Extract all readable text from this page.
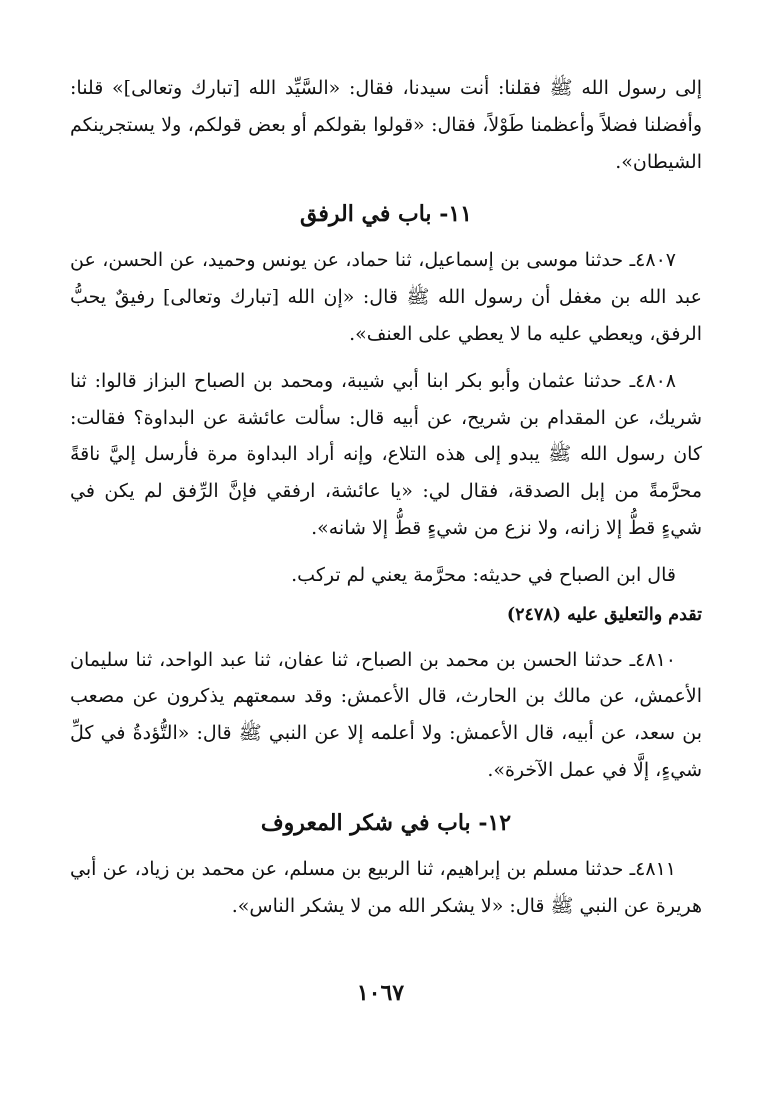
إلى رسول الله ﷺ فقلنا: أنت سيدنا، فقال: «السَّيِّد الله [تبارك وتعالى]» قلنا: وأفضلنا فضلاً وأعظمنا طَوْلاً، فقال: «قولوا بقولكم أو بعض قولكم، ولا يستجرينكم الشيطان».

١١- باب في الرفق

٤٨٠٧ـ حدثنا موسى بن إسماعيل، ثنا حماد، عن يونس وحميد، عن الحسن، عن عبد الله بن مغفل أن رسول الله ﷺ قال: «إن الله [تبارك وتعالى] رفيقٌ يحبُّ الرفق، ويعطي عليه ما لا يعطي على العنف».

٤٨٠٨ـ حدثنا عثمان وأبو بكر ابنا أبي شيبة، ومحمد بن الصباح البزاز قالوا: ثنا شريك، عن المقدام بن شريح، عن أبيه قال: سألت عائشة عن البداوة؟ فقالت: كان رسول الله ﷺ يبدو إلى هذه التلاع، وإنه أراد البداوة مرة فأرسل إليَّ ناقةً محرَّمةً من إبل الصدقة، فقال لي: «يا عائشة، ارفقي فإنَّ الرِّفق لم يكن في شيءٍ قطُّ إلا زانه، ولا نزع من شيءٍ قطُّ إلا شانه».

قال ابن الصباح في حديثه: محرَّمة يعني لم تركب.

تقدم والتعليق عليه (٢٤٧٨)

٤٨١٠ـ حدثنا الحسن بن محمد بن الصباح، ثنا عفان، ثنا عبد الواحد، ثنا سليمان الأعمش، عن مالك بن الحارث، قال الأعمش: وقد سمعتهم يذكرون عن مصعب بن سعد، عن أبيه، قال الأعمش: ولا أعلمه إلا عن النبي ﷺ قال: «التُّؤدةُ في كلِّ شيءٍ، إلَّا في عمل الآخرة».

١٢- باب في شكر المعروف

٤٨١١ـ حدثنا مسلم بن إبراهيم، ثنا الربيع بن مسلم، عن محمد بن زياد، عن أبي هريرة عن النبي ﷺ قال: «لا يشكر الله من لا يشكر الناس».

١٠٦٧
